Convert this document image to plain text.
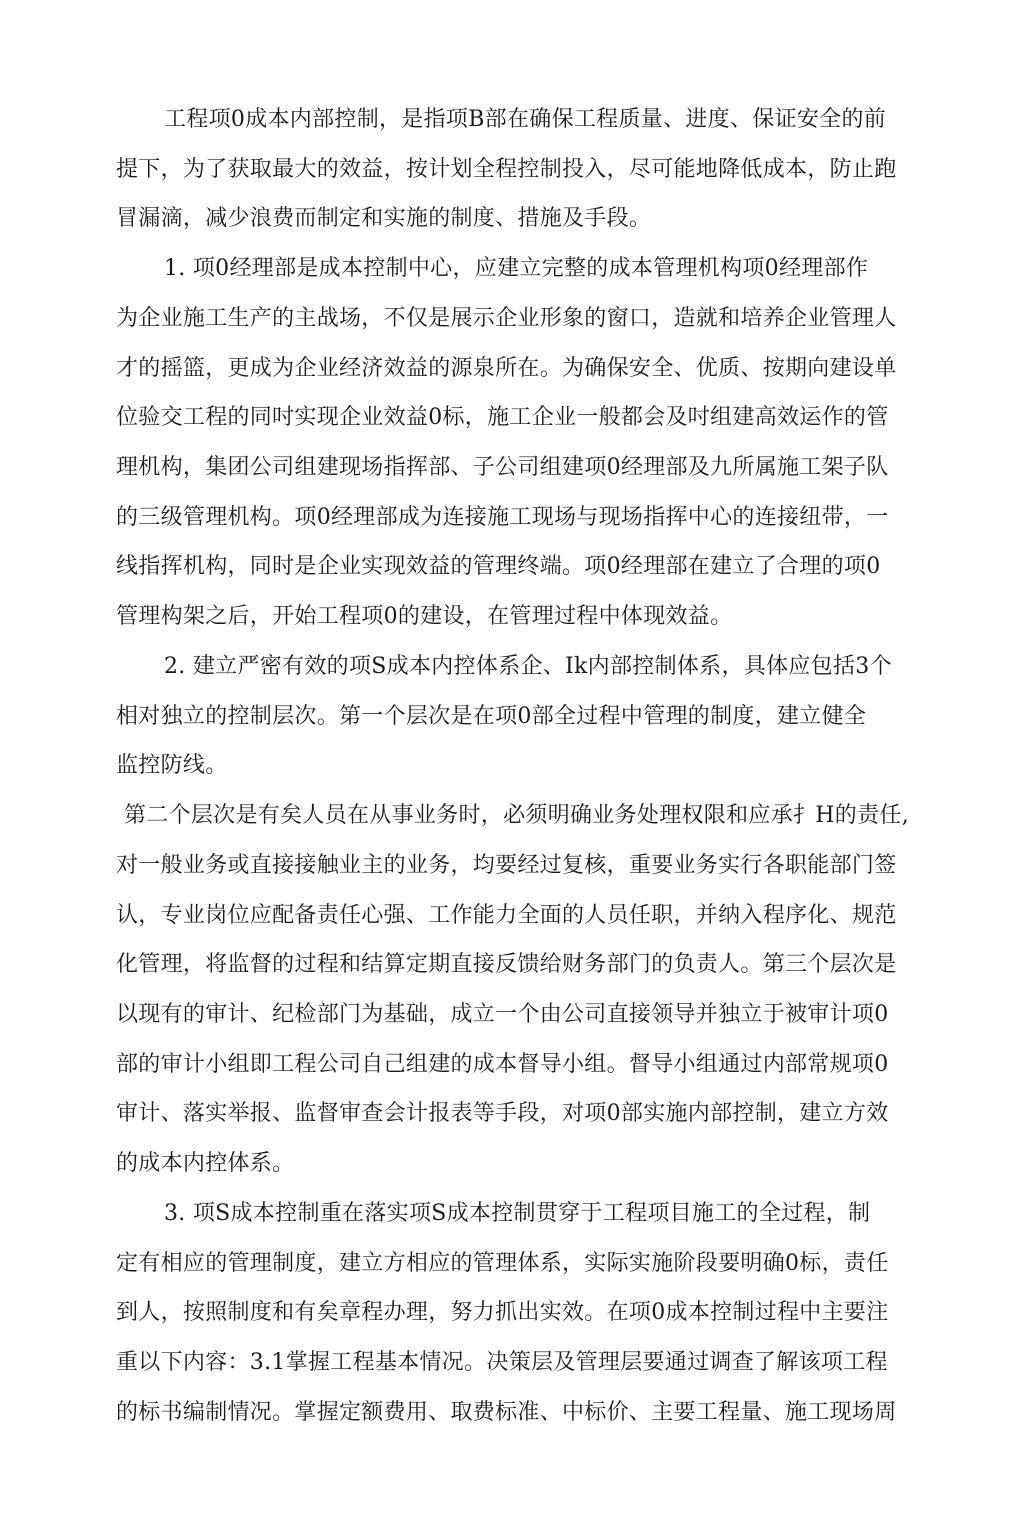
工程项0成本内部控制，是指项B部在确保工程质量、进度、保证安全的前

提下，为了获取最大的效益，按计划全程控制投入，尽可能地降低成本，防止跑

冒漏滴，减少浪费而制定和实施的制度、措施及手段。

1. 项0经理部是成本控制中心，应建立完整的成本管理机构项0经理部作

为企业施工生产的主战场，不仅是展示企业形象的窗口，造就和培养企业管理人

才的摇篮，更成为企业经济效益的源泉所在。为确保安全、优质、按期向建设单

位验交工程的同吋实现企业效益0标，施工企业一般都会及吋组建高效运作的管

理机构，集团公司组建现场指挥部、子公司组建项0经理部及九所属施工架子队

的三级管理机构。项0经理部成为连接施工现场与现场指挥中心的连接纽带，一

线指挥机构，同时是企业实现效益的管理终端。项0经理部在建立了合理的项0

管理构架之后，开始工程项0的建设，在管理过程中体现效益。

2. 建立严密有效的项S成本内控体系企、Ik内部控制体系，具体应包括3个

相对独立的控制层次。第一个层次是在项0部全过程中管理的制度，建立健全

监控防线。

第二个层次是有矣人员在从事业务时，必须明确业务处理权限和应承扌H的责任,

对一般业务或直接接触业主的业务，均要经过复核，重要业务实行各职能部门签

认，专业岗位应配备责任心强、工作能力全面的人员任职，并纳入程序化、规范

化管理，将监督的过程和结算定期直接反馈给财务部门的负责人。第三个层次是

以现有的审计、纪检部门为基础，成立一个由公司直接领导并独立于被审计项0

部的审计小组即工程公司自己组建的成本督导小组。督导小组通过内部常规项0

审计、落实举报、监督审查会计报表等手段，对项0部实施内部控制，建立方效

的成本内控体系。

3. 项S成本控制重在落实项S成本控制贯穿于工程项目施工的全过程，制

定有相应的管理制度，建立方相应的管理体系，实际实施阶段要明确0标，责任

到人，按照制度和有矣章程办理，努力抓出实效。在项0成本控制过程中主要注

重以下内容：3.1掌握工程基本情况。决策层及管理层要通过调查了解该项工程

的标书编制情况。掌握定额费用、取费标准、中标价、主要工程量、施工现场周
